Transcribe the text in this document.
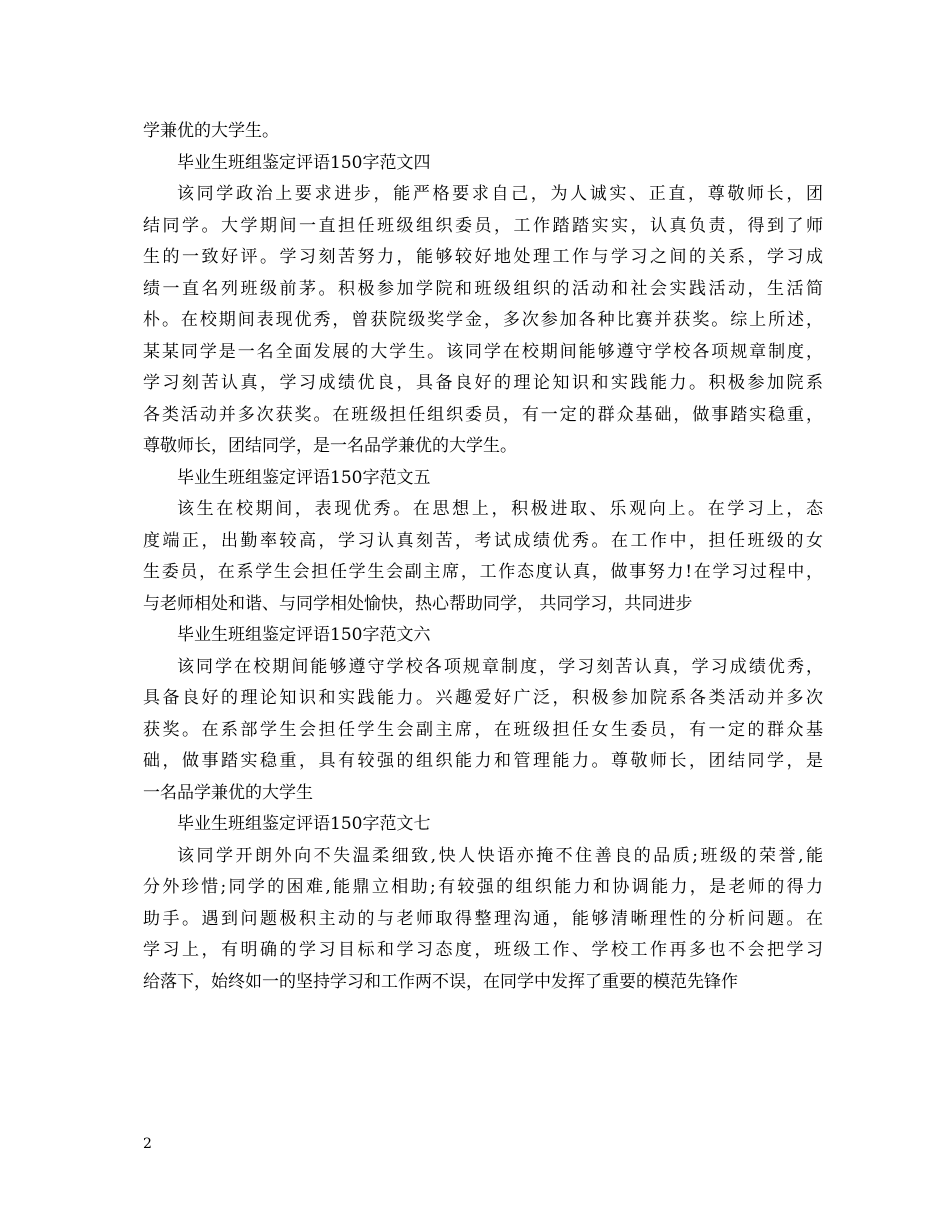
学兼优的大学生。
毕业生班组鉴定评语150字范文四
该同学政治上要求进步，能严格要求自己，为人诚实、正直，尊敬师长，团
结同学。大学期间一直担任班级组织委员，工作踏踏实实，认真负责，得到了师
生的一致好评。学习刻苦努力，能够较好地处理工作与学习之间的关系，学习成
绩一直名列班级前茅。积极参加学院和班级组织的活动和社会实践活动，生活简
朴。在校期间表现优秀，曾获院级奖学金，多次参加各种比赛并获奖。综上所述，
某某同学是一名全面发展的大学生。该同学在校期间能够遵守学校各项规章制度，
学习刻苦认真，学习成绩优良，具备良好的理论知识和实践能力。积极参加院系
各类活动并多次获奖。在班级担任组织委员，有一定的群众基础，做事踏实稳重，
尊敬师长，团结同学，是一名品学兼优的大学生。
毕业生班组鉴定评语150字范文五
该生在校期间，表现优秀。在思想上，积极进取、乐观向上。在学习上，态
度端正，出勤率较高，学习认真刻苦，考试成绩优秀。在工作中，担任班级的女
生委员，在系学生会担任学生会副主席，工作态度认真，做事努力!在学习过程中，
与老师相处和谐、与同学相处愉快，热心帮助同学， 共同学习，共同进步
毕业生班组鉴定评语150字范文六
该同学在校期间能够遵守学校各项规章制度，学习刻苦认真，学习成绩优秀，
具备良好的理论知识和实践能力。兴趣爱好广泛，积极参加院系各类活动并多次
获奖。在系部学生会担任学生会副主席，在班级担任女生委员，有一定的群众基
础，做事踏实稳重，具有较强的组织能力和管理能力。尊敬师长，团结同学，是
一名品学兼优的大学生
毕业生班组鉴定评语150字范文七
该同学开朗外向不失温柔细致,快人快语亦掩不住善良的品质;班级的荣誉,能
分外珍惜;同学的困难,能鼎立相助;有较强的组织能力和协调能力，是老师的得力
助手。遇到问题极积主动的与老师取得整理沟通，能够清晰理性的分析问题。在
学习上，有明确的学习目标和学习态度，班级工作、学校工作再多也不会把学习
给落下，始终如一的坚持学习和工作两不误，在同学中发挥了重要的模范先锋作
2
